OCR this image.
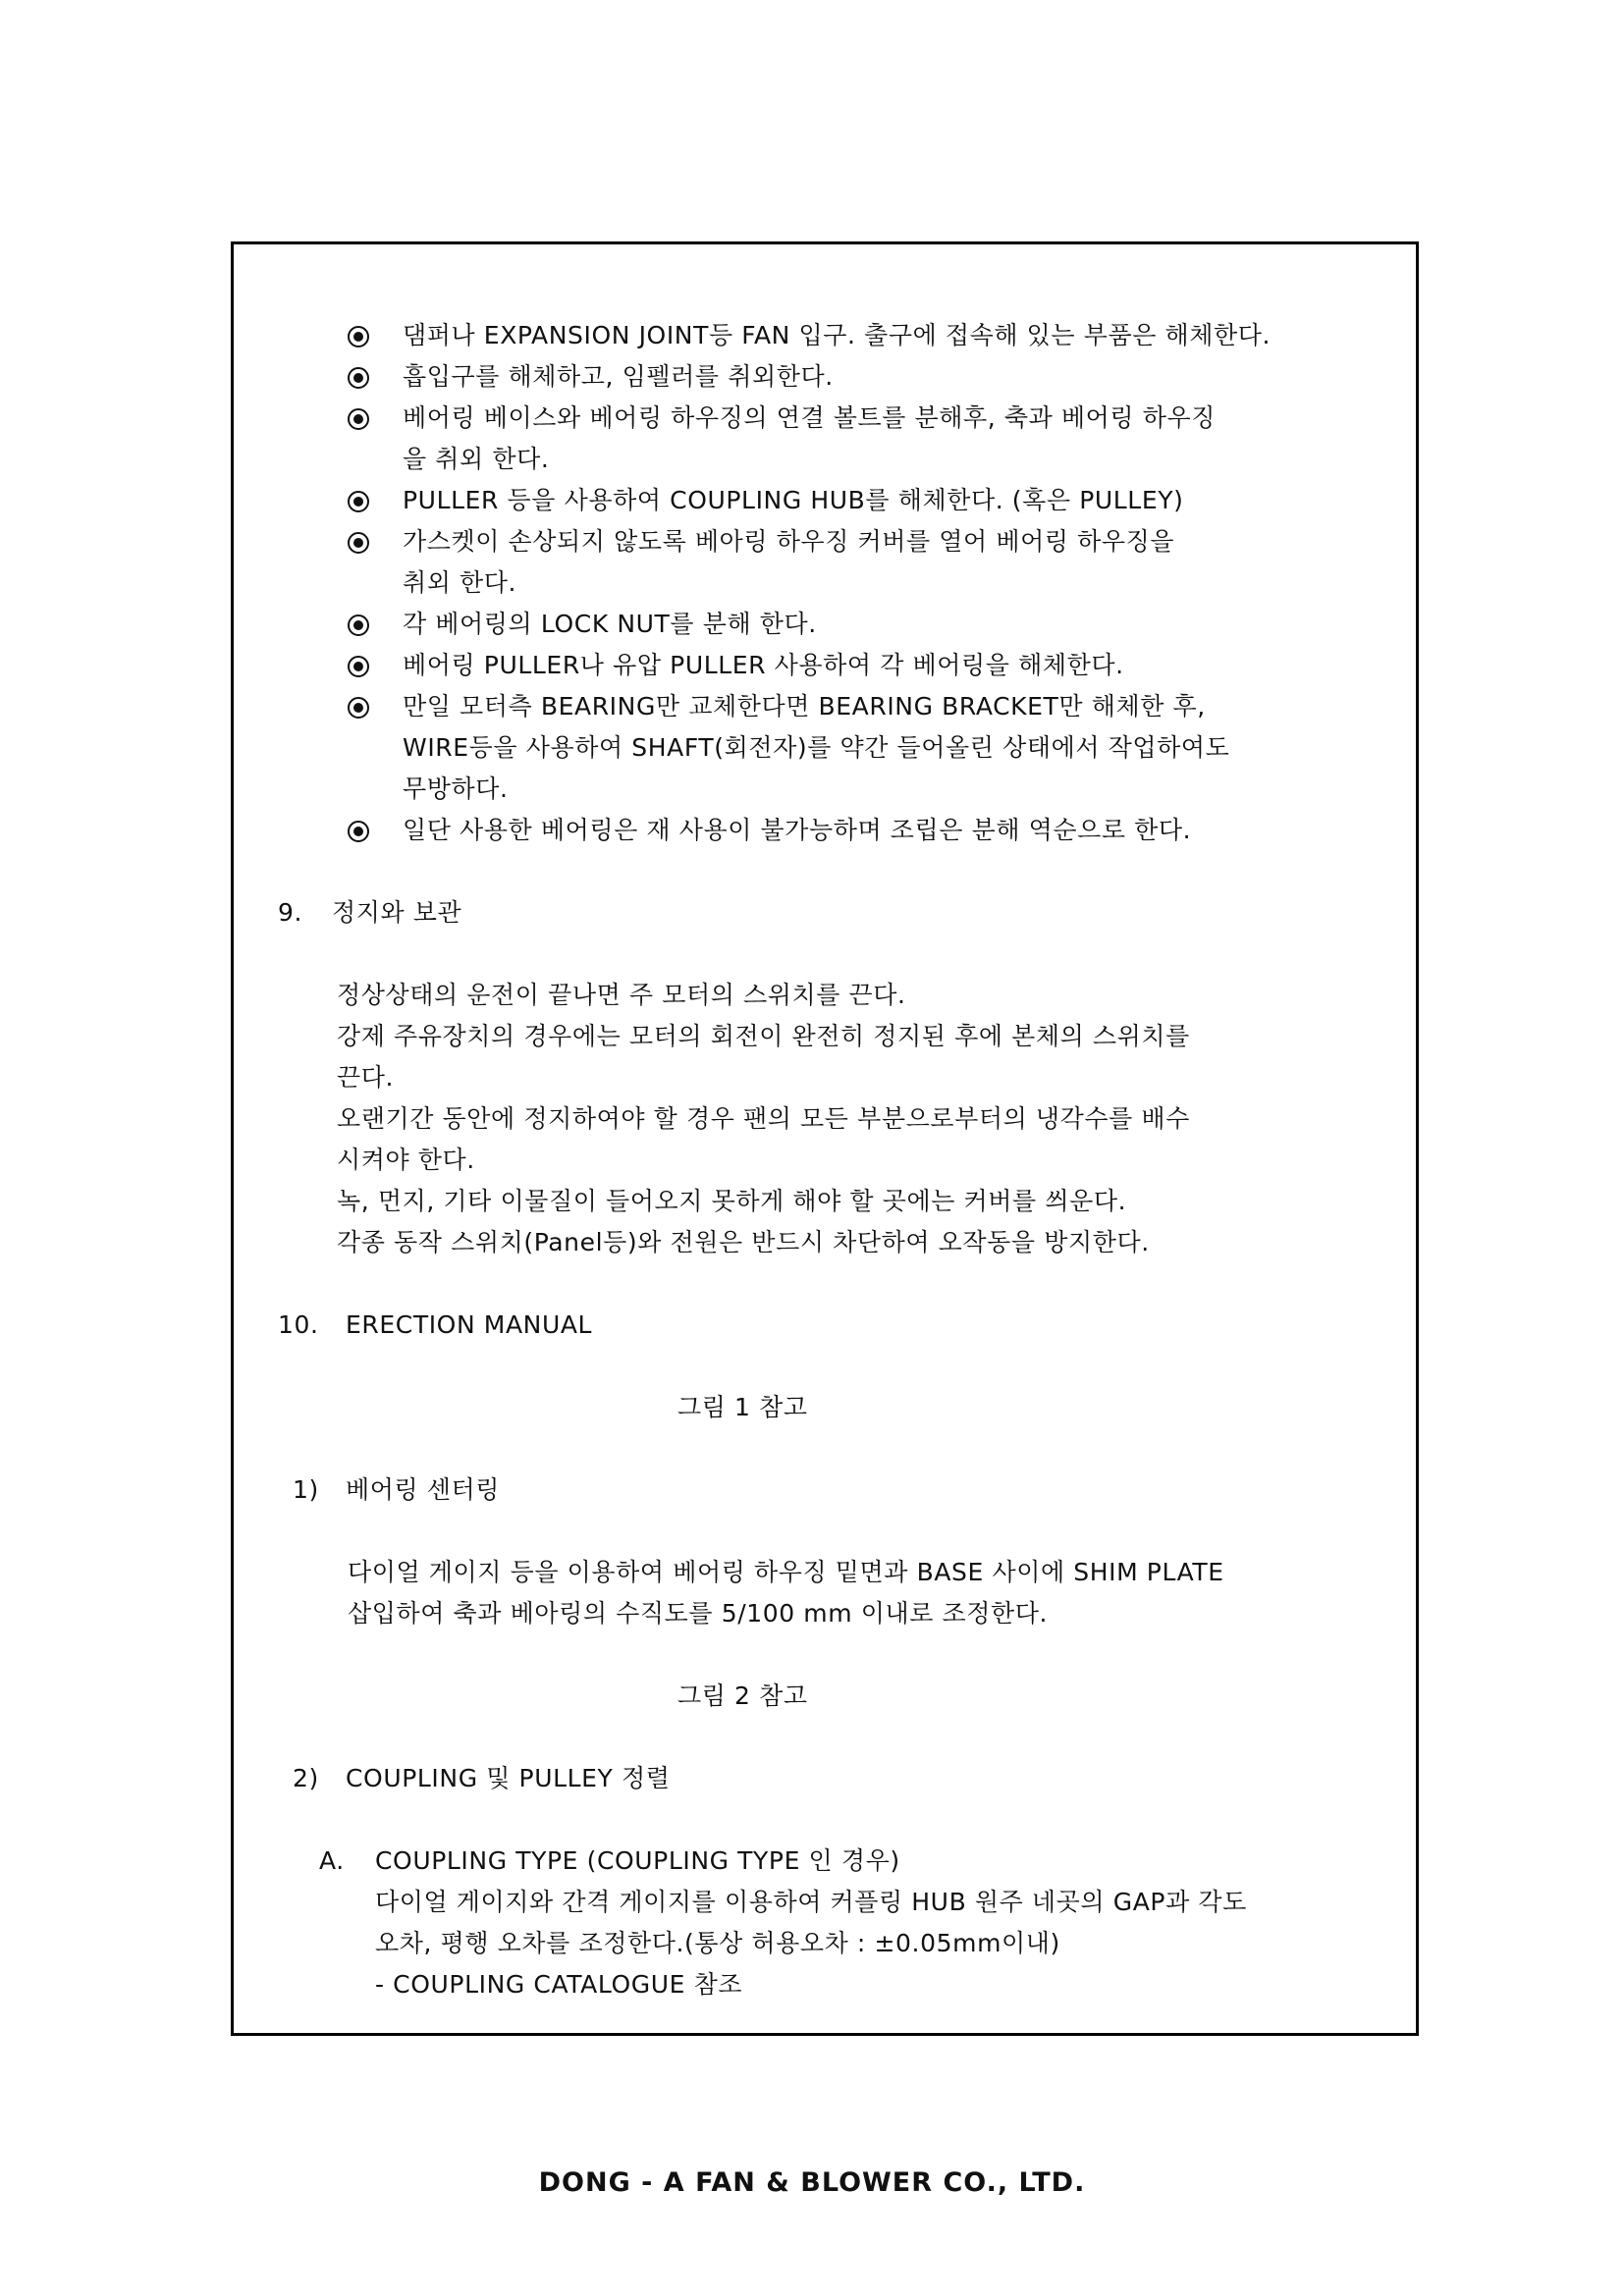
댐퍼나 EXPANSION JOINT등 FAN 입구. 출구에 접속해 있는 부품은 해체한다.
흡입구를 해체하고, 임펠러를 취외한다.
베어링 베이스와 베어링 하우징의 연결 볼트를 분해후, 축과 베어링 하우징
을 취외 한다.
PULLER 등을 사용하여 COUPLING HUB를 해체한다. (혹은 PULLEY)
가스켓이 손상되지 않도록 베아링 하우징 커버를 열어 베어링 하우징을
취외 한다.
각 베어링의 LOCK NUT를 분해 한다.
베어링 PULLER나 유압 PULLER 사용하여 각 베어링을 해체한다.
만일 모터측 BEARING만 교체한다면 BEARING BRACKET만 해체한 후,
WIRE등을 사용하여 SHAFT(회전자)를 약간 들어올린 상태에서 작업하여도
무방하다.
일단 사용한 베어링은 재 사용이 불가능하며 조립은 분해 역순으로 한다.
9. 정지와 보관
정상상태의 운전이 끝나면 주 모터의 스위치를 끈다.
강제 주유장치의 경우에는 모터의 회전이 완전히 정지된 후에 본체의 스위치를
끈다.
오랜기간 동안에 정지하여야 할 경우 팬의 모든 부분으로부터의 냉각수를 배수
시켜야 한다.
녹, 먼지, 기타 이물질이 들어오지 못하게 해야 할 곳에는 커버를 씌운다.
각종 동작 스위치(Panel등)와 전원은 반드시 차단하여 오작동을 방지한다.
10. ERECTION MANUAL
그림 1 참고
1) 베어링 센터링
다이얼 게이지 등을 이용하여 베어링 하우징 밑면과 BASE 사이에 SHIM PLATE
삽입하여 축과 베아링의 수직도를 5/100 mm 이내로 조정한다.
그림 2 참고
2) COUPLING 및 PULLEY 정렬
A. COUPLING TYPE (COUPLING TYPE 인 경우)
다이얼 게이지와 간격 게이지를 이용하여 커플링 HUB 원주 네곳의 GAP과 각도
오차, 평행 오차를 조정한다.(통상 허용오차 : ±0.05mm이내)
- COUPLING CATALOGUE 참조
DONG - A FAN & BLOWER CO., LTD.
